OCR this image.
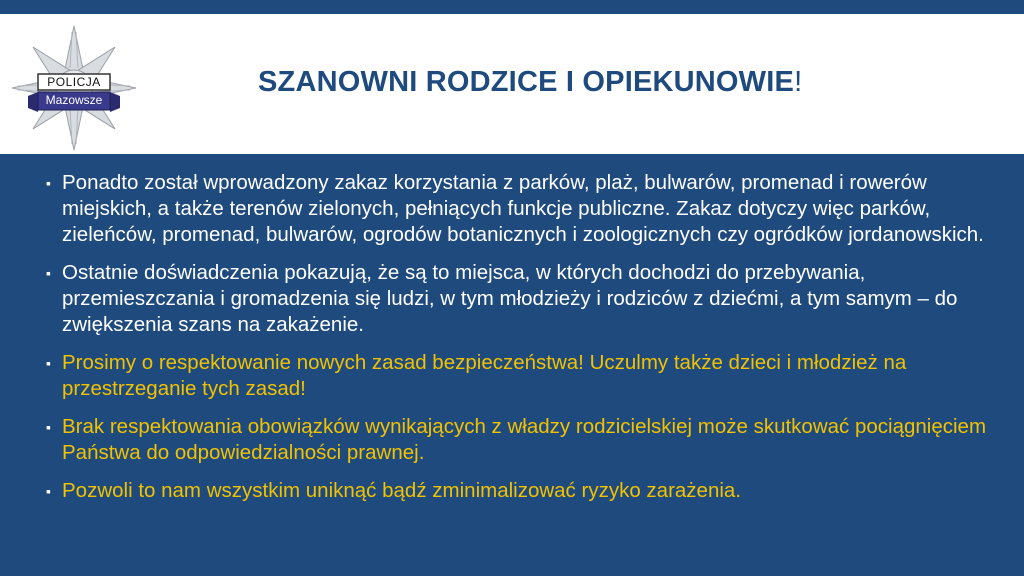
POLICJA
Mazowsze
SZANOWNI RODZICE I OPIEKUNOWIE!
▪ Ponadto został wprowadzony zakaz korzystania z parków, plaż, bulwarów, promenad i rowerów miejskich, a także terenów zielonych, pełniących funkcje publiczne. Zakaz dotyczy więc parków, zieleńców, promenad, bulwarów, ogrodów botanicznych i zoologicznych czy ogródków jordanowskich.
▪ Ostatnie doświadczenia pokazują, że są to miejsca, w których dochodzi do przebywania, przemieszczania i gromadzenia się ludzi, w tym młodzieży i rodziców z dziećmi, a tym samym – do zwiększenia szans na zakażenie.
▪ Prosimy o respektowanie nowych zasad bezpieczeństwa! Uczulmy także dzieci i młodzież na przestrzeganie tych zasad!
▪ Brak respektowania obowiązków wynikających z władzy rodzicielskiej może skutkować pociągnięciem Państwa do odpowiedzialności prawnej.
▪ Pozwoli to nam wszystkim uniknąć bądź zminimalizować ryzyko zarażenia.
